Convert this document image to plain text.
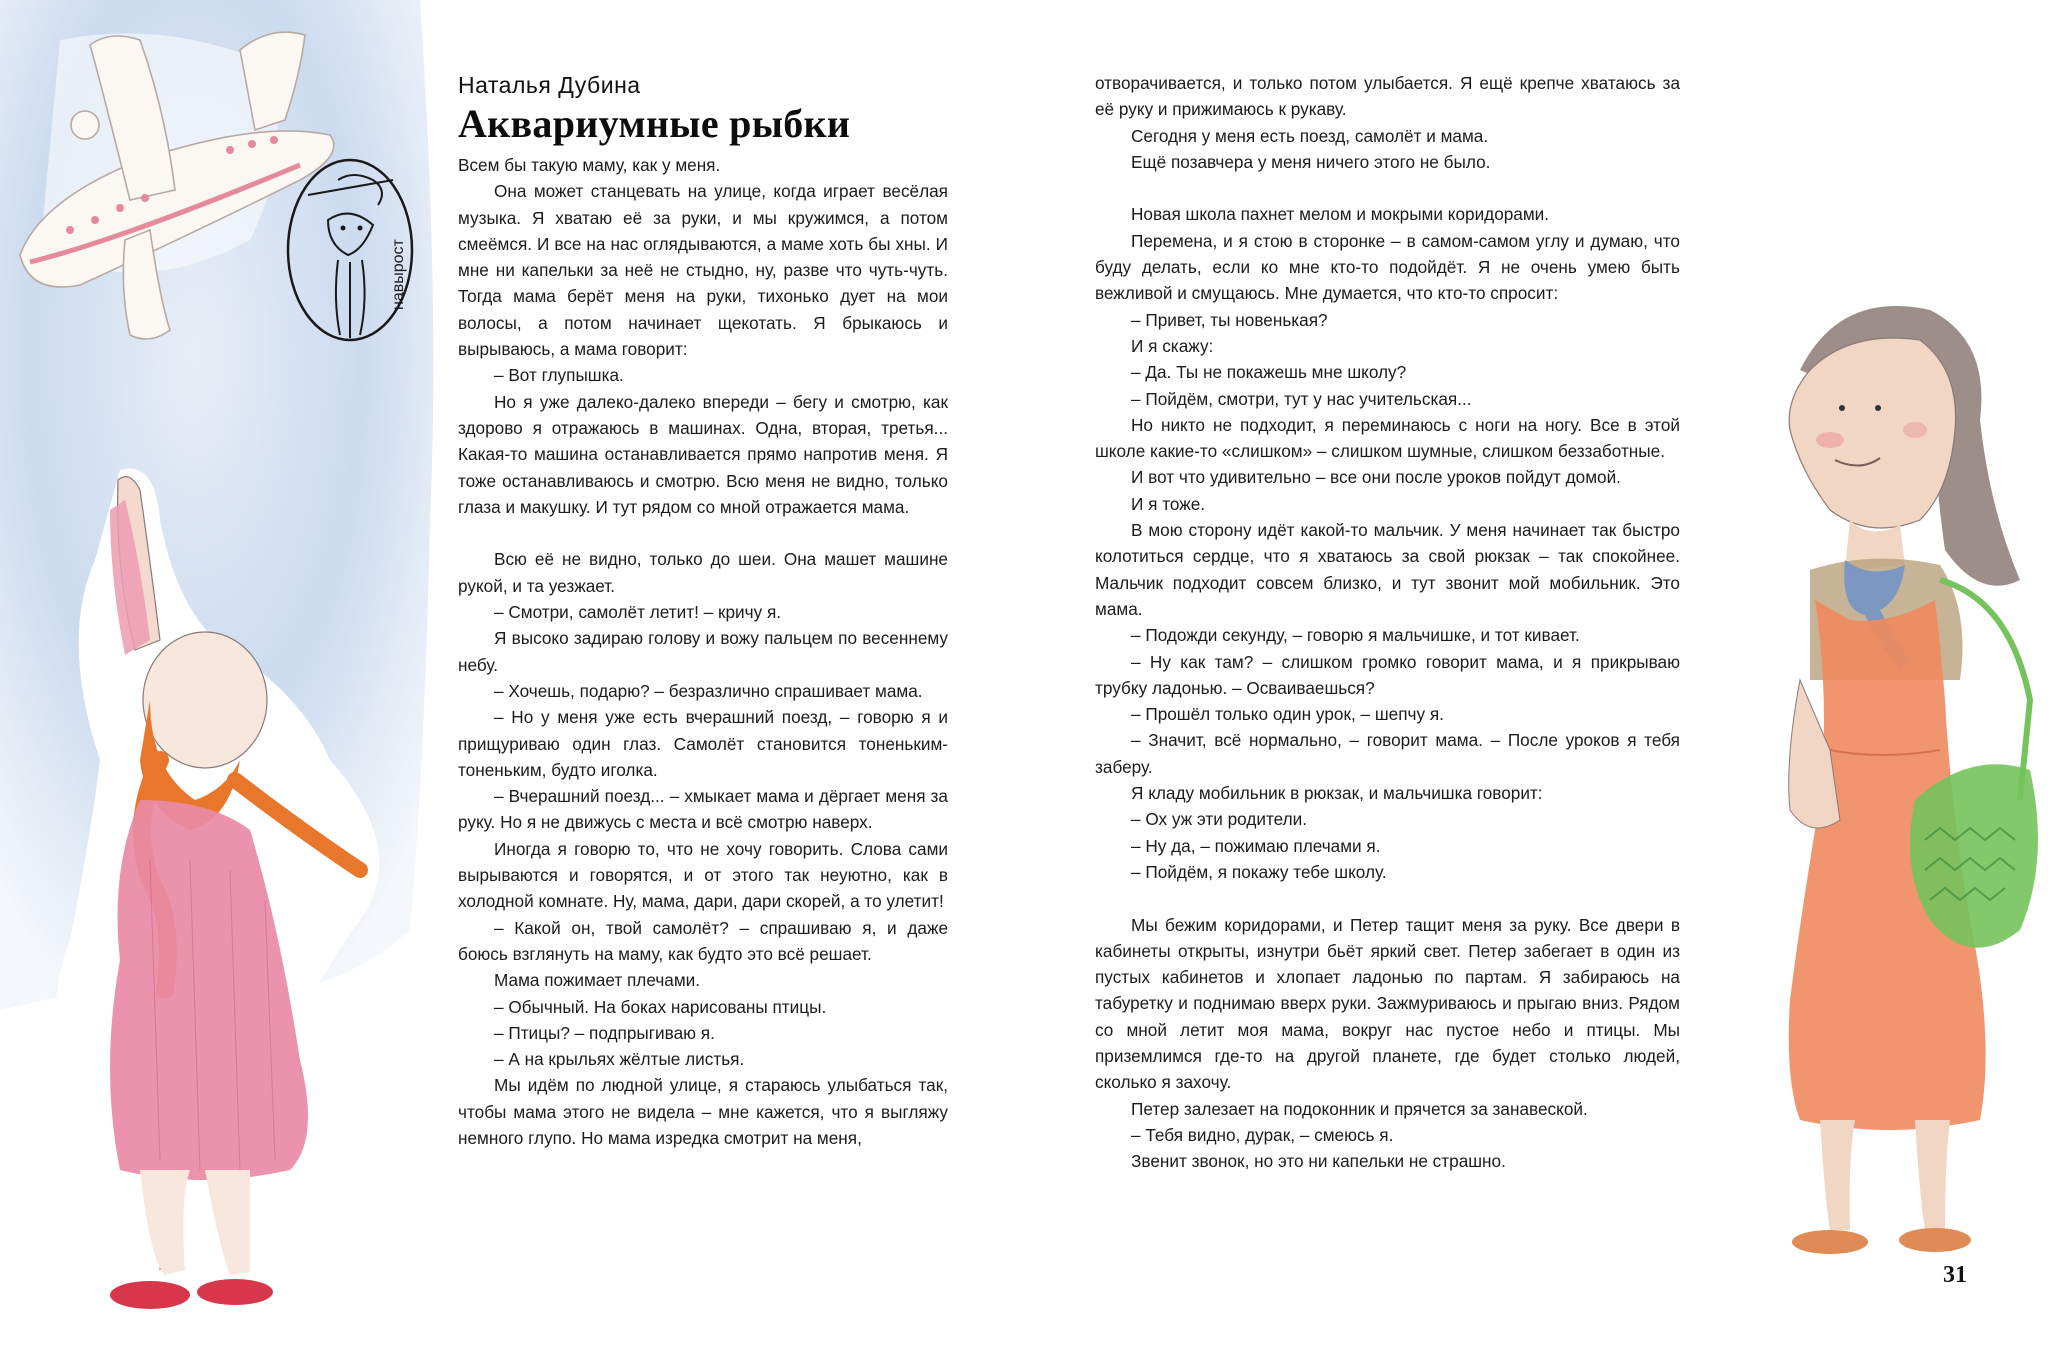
навырост
Наталья Дубина
Аквариумные рыбки
Всем бы такую маму, как у меня.
Она может станцевать на улице, когда играет весёлая музыка. Я хватаю её за руки, и мы кружимся, а потом смеёмся. И все на нас оглядываются, а маме хоть бы хны. И мне ни капельки за неё не стыдно, ну, разве что чуть-чуть. Тогда мама берёт меня на руки, тихонько дует на мои волосы, а потом начинает щекотать. Я брыкаюсь и вырываюсь, а мама говорит:
– Вот глупышка.
Но я уже далеко-далеко впереди – бегу и смотрю, как здорово я отражаюсь в машинах. Одна, вторая, третья... Какая-то машина останавливается прямо напротив меня. Я тоже останавливаюсь и смотрю. Всю меня не видно, только глаза и макушку. И тут рядом со мной отражается мама.
Всю её не видно, только до шеи. Она машет машине рукой, и та уезжает.
– Смотри, самолёт летит! – кричу я.
Я высоко задираю голову и вожу пальцем по весеннему небу.
– Хочешь, подарю? – безразлично спрашивает мама.
– Но у меня уже есть вчерашний поезд, – говорю я и прищуриваю один глаз. Самолёт становится тоненьким-тоненьким, будто иголка.
– Вчерашний поезд... – хмыкает мама и дёргает меня за руку. Но я не движусь с места и всё смотрю наверх.
Иногда я говорю то, что не хочу говорить. Слова сами вырываются и говорятся, и от этого так неуютно, как в холодной комнате. Ну, мама, дари, дари скорей, а то улетит!
– Какой он, твой самолёт? – спрашиваю я, и даже боюсь взглянуть на маму, как будто это всё решает.
Мама пожимает плечами.
– Обычный. На боках нарисованы птицы.
– Птицы? – подпрыгиваю я.
– А на крыльях жёлтые листья.
Мы идём по людной улице, я стараюсь улыбаться так, чтобы мама этого не видела – мне кажется, что я выгляжу немного глупо. Но мама изредка смотрит на меня,
отворачивается, и только потом улыбается. Я ещё крепче хватаюсь за её руку и прижимаюсь к рукаву.
Сегодня у меня есть поезд, самолёт и мама.
Ещё позавчера у меня ничего этого не было.
Новая школа пахнет мелом и мокрыми коридорами.
Перемена, и я стою в сторонке – в самом-самом углу и думаю, что буду делать, если ко мне кто-то подойдёт. Я не очень умею быть вежливой и смущаюсь. Мне думается, что кто-то спросит:
– Привет, ты новенькая?
И я скажу:
– Да. Ты не покажешь мне школу?
– Пойдём, смотри, тут у нас учительская...
Но никто не подходит, я переминаюсь с ноги на ногу. Все в этой школе какие-то «слишком» – слишком шумные, слишком беззаботные.
И вот что удивительно – все они после уроков пойдут домой.
И я тоже.
В мою сторону идёт какой-то мальчик. У меня начинает так быстро колотиться сердце, что я хватаюсь за свой рюкзак – так спокойнее. Мальчик подходит совсем близко, и тут звонит мой мобильник. Это мама.
– Подожди секунду, – говорю я мальчишке, и тот кивает.
– Ну как там? – слишком громко говорит мама, и я прикрываю трубку ладонью. – Осваиваешься?
– Прошёл только один урок, – шепчу я.
– Значит, всё нормально, – говорит мама. – После уроков я тебя заберу.
Я кладу мобильник в рюкзак, и мальчишка говорит:
– Ох уж эти родители.
– Ну да, – пожимаю плечами я.
– Пойдём, я покажу тебе школу.
Мы бежим коридорами, и Петер тащит меня за руку. Все двери в кабинеты открыты, изнутри бьёт яркий свет. Петер забегает в один из пустых кабинетов и хлопает ладонью по партам. Я забираюсь на табуретку и поднимаю вверх руки. Зажмуриваюсь и прыгаю вниз. Рядом со мной летит моя мама, вокруг нас пустое небо и птицы. Мы приземлимся где-то на другой планете, где будет столько людей, сколько я захочу.
Петер залезает на подоконник и прячется за занавеской.
– Тебя видно, дурак, – смеюсь я.
Звенит звонок, но это ни капельки не страшно.
31
